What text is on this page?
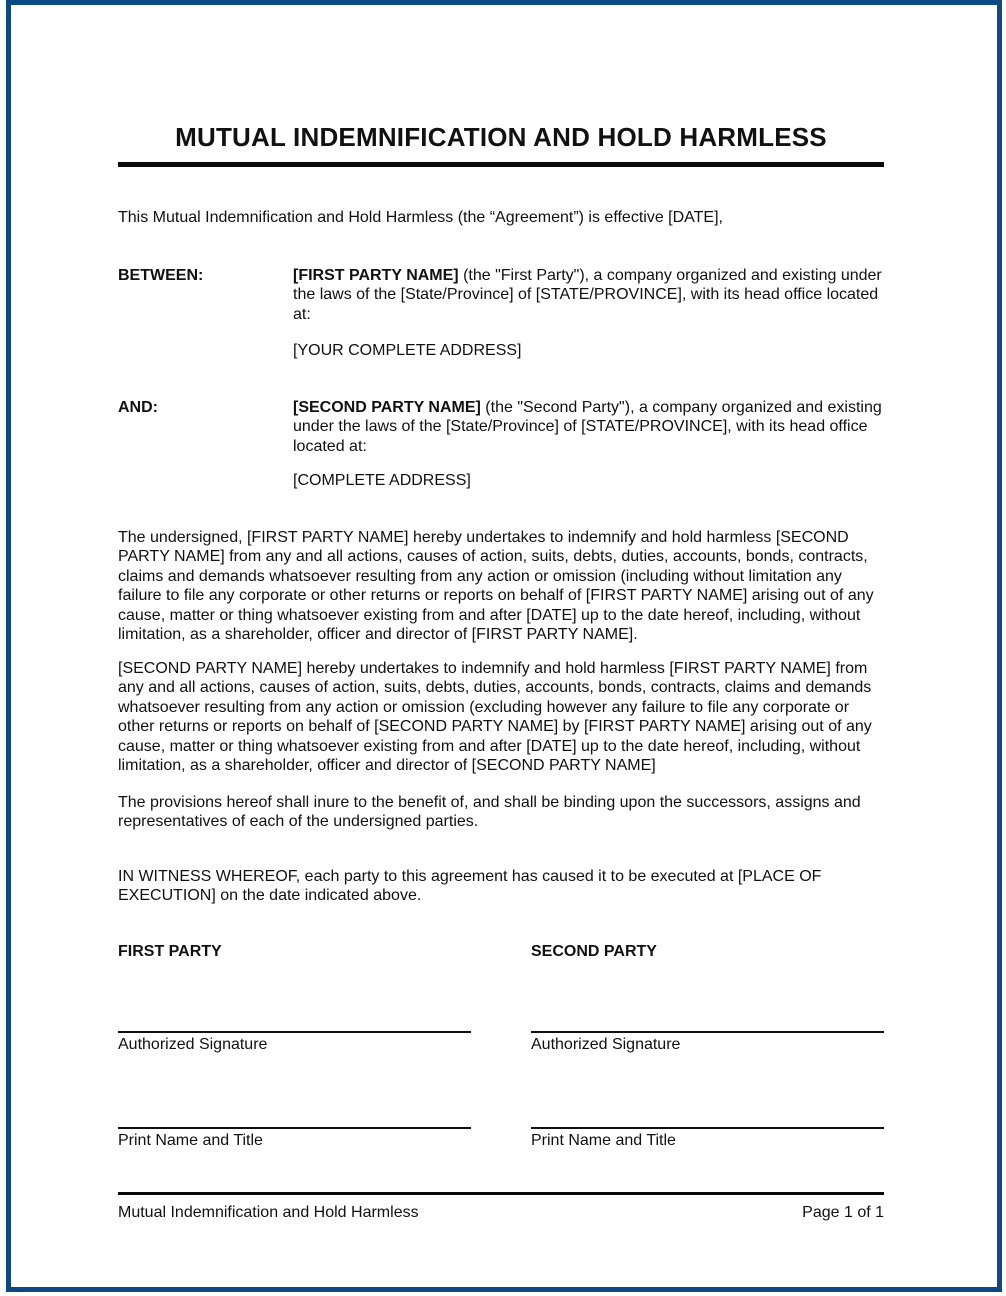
MUTUAL INDEMNIFICATION AND HOLD HARMLESS

This Mutual Indemnification and Hold Harmless (the “Agreement”) is effective [DATE],

BETWEEN:	[FIRST PARTY NAME] (the "First Party"), a company organized and existing under the laws of the [State/Province] of [STATE/PROVINCE], with its head office located at:
[YOUR COMPLETE ADDRESS]
AND:	[SECOND PARTY NAME] (the "Second Party"), a company organized and existing under the laws of the [State/Province] of [STATE/PROVINCE], with its head office located at:
[COMPLETE ADDRESS]

The undersigned, [FIRST PARTY NAME] hereby undertakes to indemnify and hold harmless [SECOND PARTY NAME] from any and all actions, causes of action, suits, debts, duties, accounts, bonds, contracts, claims and demands whatsoever resulting from any action or omission (including without limitation any failure to file any corporate or other returns or reports on behalf of [FIRST PARTY NAME] arising out of any cause, matter or thing whatsoever existing from and after [DATE] up to the date hereof, including, without limitation, as a shareholder, officer and director of [FIRST PARTY NAME].

[SECOND PARTY NAME] hereby undertakes to indemnify and hold harmless [FIRST PARTY NAME] from any and all actions, causes of action, suits, debts, duties, accounts, bonds, contracts, claims and demands whatsoever resulting from any action or omission (excluding however any failure to file any corporate or other returns or reports on behalf of [SECOND PARTY NAME] by [FIRST PARTY NAME] arising out of any cause, matter or thing whatsoever existing from and after [DATE] up to the date hereof, including, without limitation, as a shareholder, officer and director of [SECOND PARTY NAME]

The provisions hereof shall inure to the benefit of, and shall be binding upon the successors, assigns and representatives of each of the undersigned parties.

IN WITNESS WHEREOF, each party to this agreement has caused it to be executed at [PLACE OF EXECUTION] on the date indicated above.

FIRST PARTY
Authorized Signature
Print Name and Title
SECOND PARTY
Authorized Signature
Print Name and Title
Mutual Indemnification and Hold Harmless	Page 1 of 1
